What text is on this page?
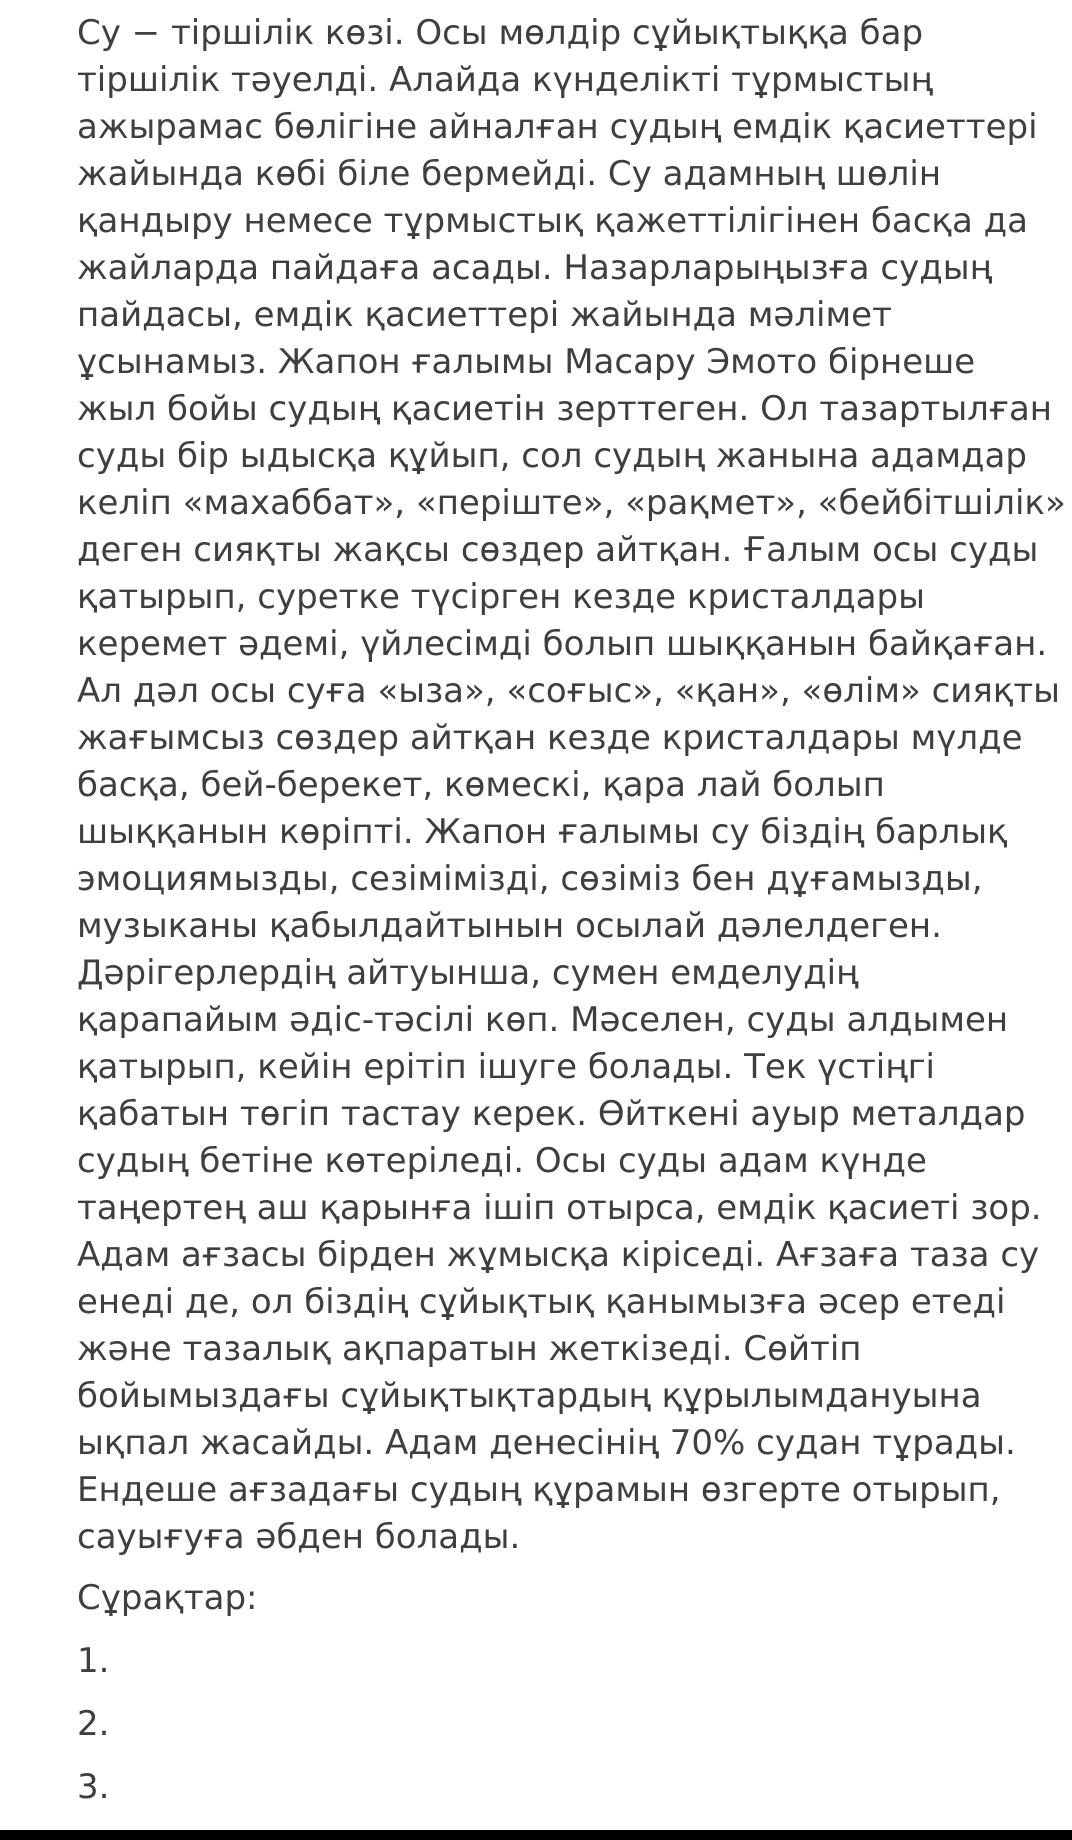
Су − тіршілік көзі. Осы мөлдір сұйықтыққа бар
тіршілік тәуелді. Алайда күнделікті тұрмыстың
ажырамас бөлігіне айналған судың емдік қасиеттері
жайында көбі біле бермейді. Су адамның шөлін
қандыру немесе тұрмыстық қажеттілігінен басқа да
жайларда пайдаға асады. Назарларыңызға судың
пайдасы, емдік қасиеттері жайында мәлімет
ұсынамыз. Жапон ғалымы Масару Эмото бірнеше
жыл бойы судың қасиетін зерттеген. Ол тазартылған
суды бір ыдысқа құйып, сол судың жанына адамдар
келіп «махаббат», «періште», «рақмет», «бейбітшілік»
деген сияқты жақсы сөздер айтқан. Ғалым осы суды
қатырып, суретке түсірген кезде кристалдары
керемет әдемі, үйлесімді болып шыққанын байқаған.
Ал дәл осы суға «ыза», «соғыс», «қан», «өлім» сияқты
жағымсыз сөздер айтқан кезде кристалдары мүлде
басқа, бей-берекет, көмескі, қара лай болып
шыққанын көріпті. Жапон ғалымы су біздің барлық
эмоциямызды, сезімімізді, сөзіміз бен дұғамызды,
музыканы қабылдайтынын осылай дәлелдеген.
Дәрігерлердің айтуынша, сумен емделудің
қарапайым әдіс-тәсілі көп. Мәселен, суды алдымен
қатырып, кейін ерітіп ішуге болады. Тек үстіңгі
қабатын төгіп тастау керек. Өйткені ауыр металдар
судың бетіне көтеріледі. Осы суды адам күнде
таңертең аш қарынға ішіп отырса, емдік қасиеті зор.
Адам ағзасы бірден жұмысқа кіріседі. Ағзаға таза су
енеді де, ол біздің сұйықтық қанымызға әсер етеді
және тазалық ақпаратын жеткізеді. Сөйтіп
бойымыздағы сұйықтықтардың құрылымдануына
ықпал жасайды. Адам денесінің 70% судан тұрады.
Ендеше ағзадағы судың құрамын өзгерте отырып,
сауығуға әбден болады.

Сұрақтар:
1.
2.
3.
